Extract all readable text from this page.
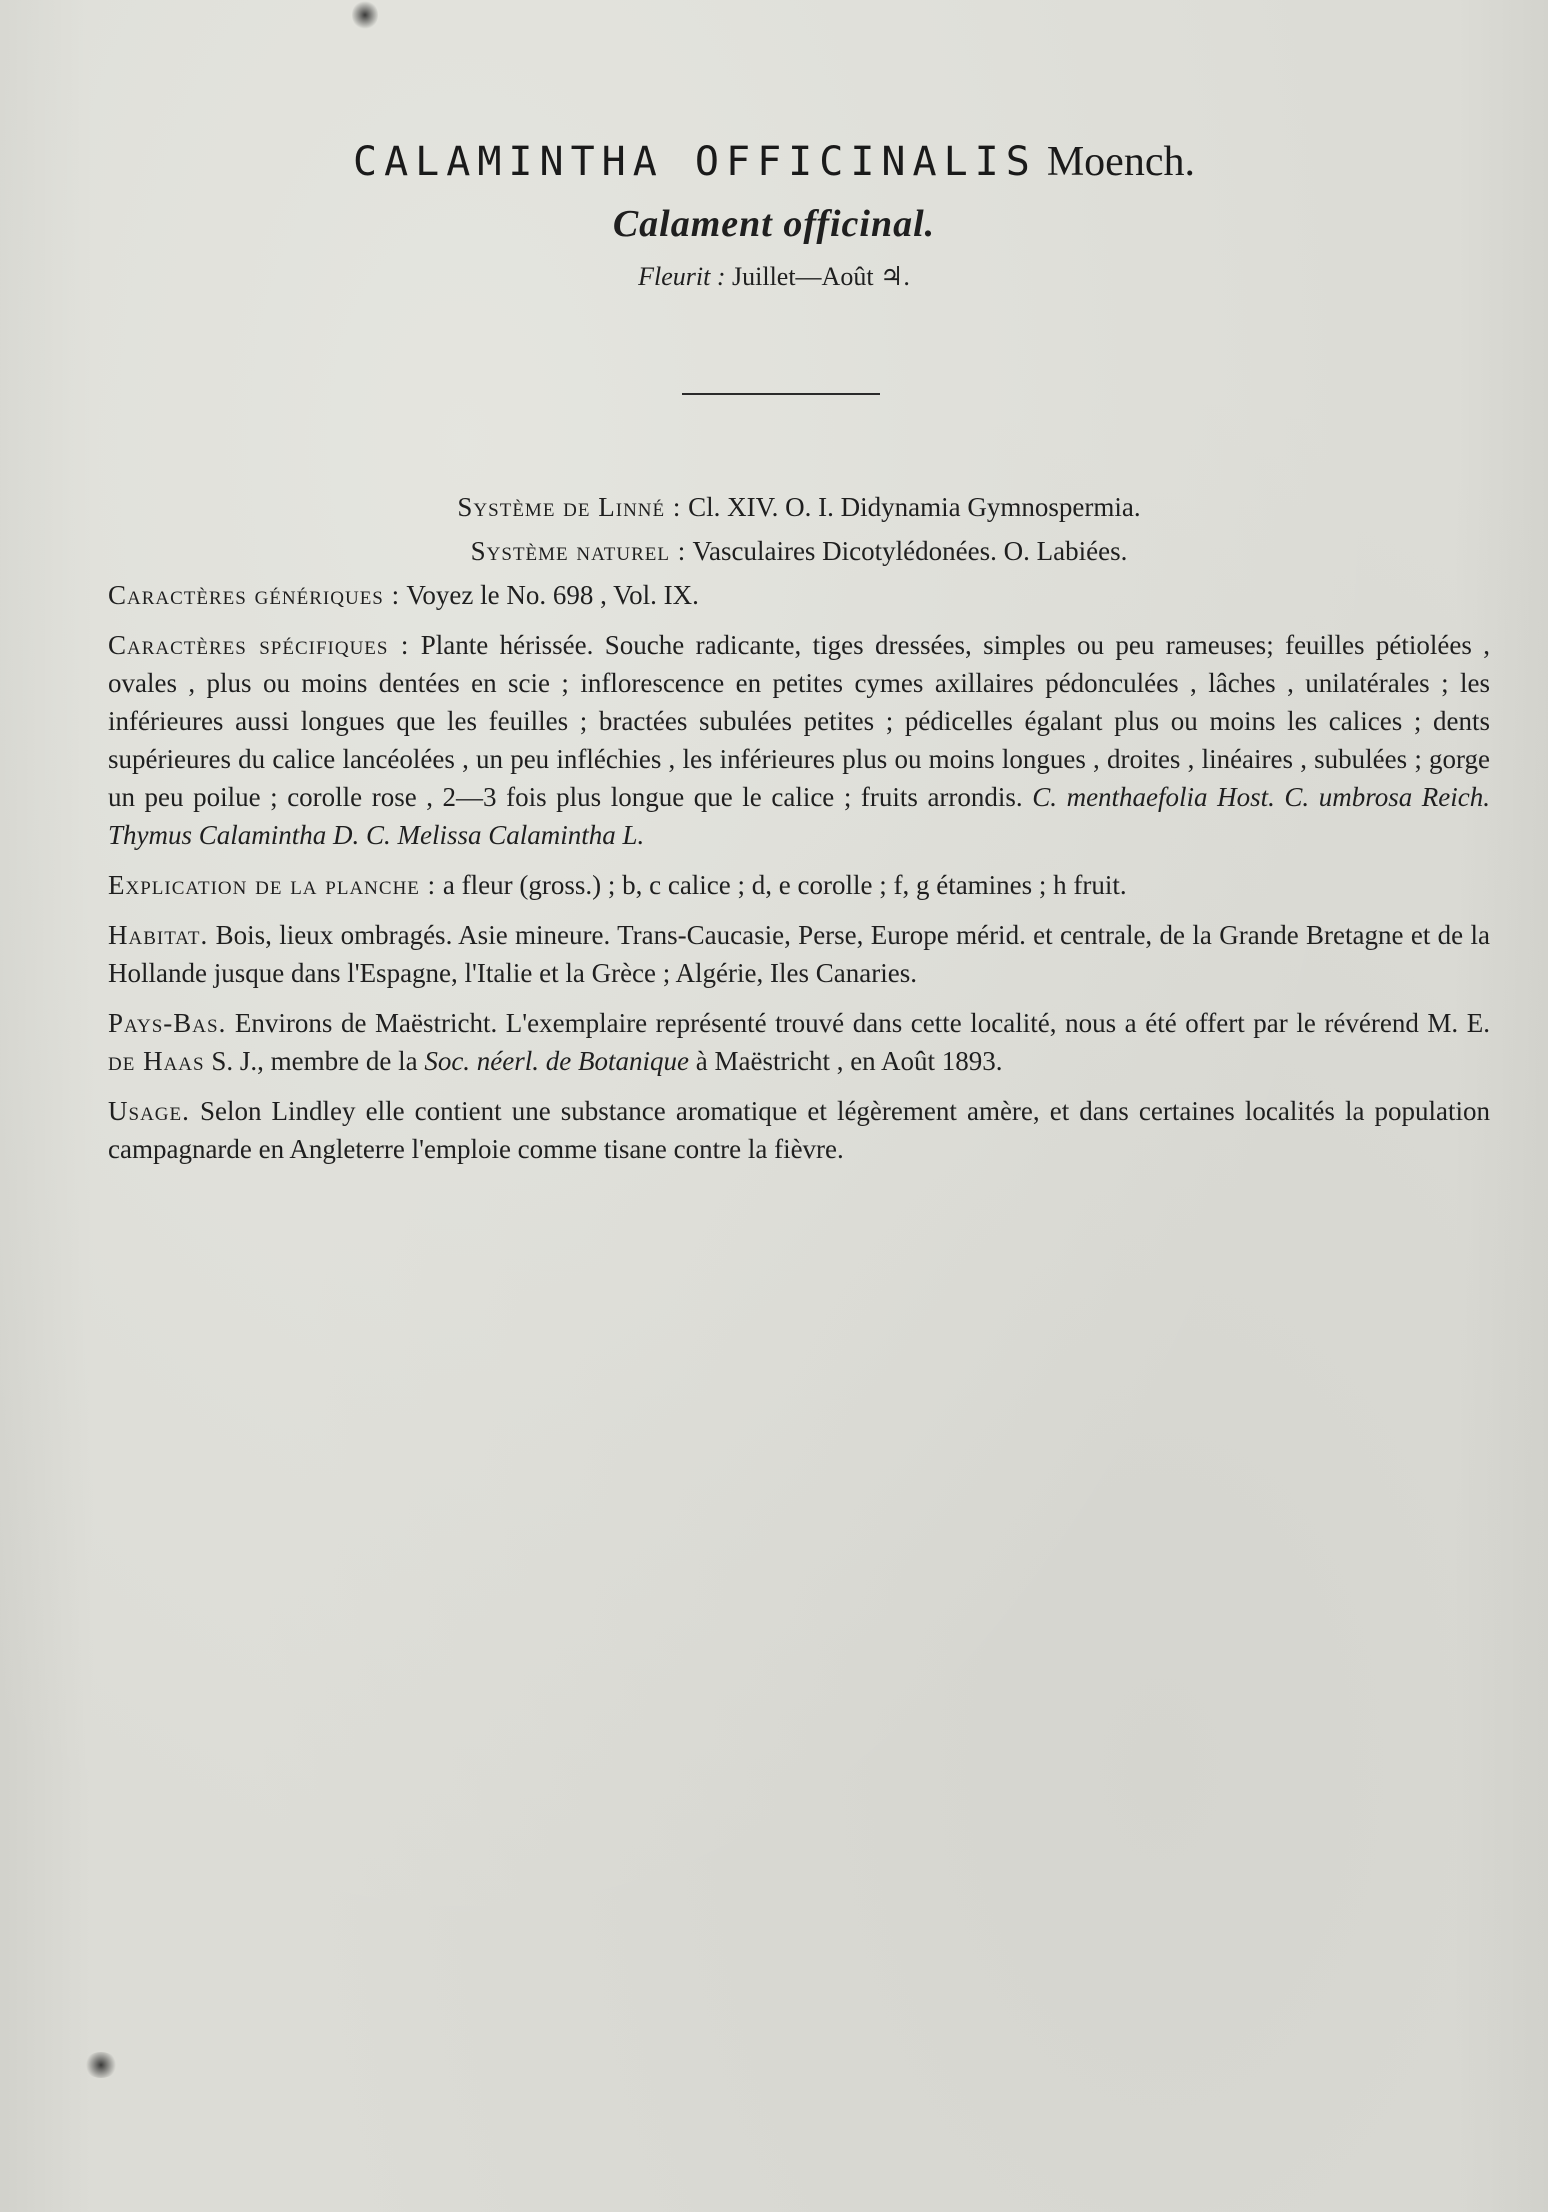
CALAMINTHA OFFICINALIS Moench.
Calament officinal.
Fleurit : Juillet—Août ♃.

Système de Linné : Cl. XIV. O. I. Didynamia Gymnospermia.

Système naturel : Vasculaires Dicotylédonées. O. Labiées.

Caractères génériques : Voyez le No. 698 , Vol. IX.

Caractères spécifiques : Plante hérissée. Souche radicante, tiges dressées, simples ou peu rameuses; feuilles pétiolées , ovales , plus ou moins dentées en scie ; inflorescence en petites cymes axillaires pédonculées , lâches , unilatérales ; les inférieures aussi longues que les feuilles ; bractées subulées petites ; pédicelles égalant plus ou moins les calices ; dents supérieures du calice lancéolées , un peu infléchies , les inférieures plus ou moins longues , droites , linéaires , subulées ; gorge un peu poilue ; corolle rose , 2—3 fois plus longue que le calice ; fruits arrondis. C. menthaefolia Host. C. umbrosa Reich. Thymus Calamintha D. C. Melissa Calamintha L.

Explication de la planche : a fleur (gross.) ; b, c calice ; d, e corolle ; f, g étamines ; h fruit.

Habitat. Bois, lieux ombragés. Asie mineure. Trans-Caucasie, Perse, Europe mérid. et centrale, de la Grande Bretagne et de la Hollande jusque dans l'Espagne, l'Italie et la Grèce ; Algérie, Iles Canaries.

Pays-Bas. Environs de Maëstricht. L'exemplaire représenté trouvé dans cette localité, nous a été offert par le révérend M. E. de Haas S. J., membre de la Soc. néerl. de Botanique à Maëstricht , en Août 1893.

Usage. Selon Lindley elle contient une substance aromatique et légèrement amère, et dans certaines localités la population campagnarde en Angleterre l'emploie comme tisane contre la fièvre.
